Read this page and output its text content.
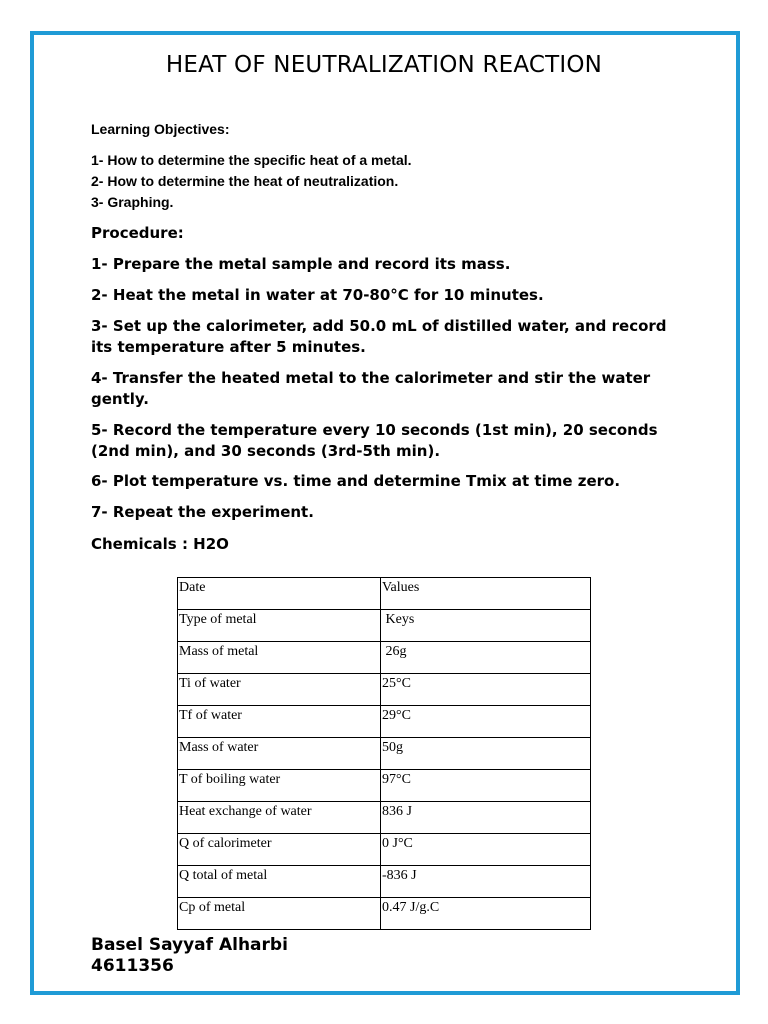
HEAT OF NEUTRALIZATION REACTION
Learning Objectives:
1- How to determine the specific heat of a metal.
2- How to determine the heat of neutralization.
3- Graphing.
Procedure:
1- Prepare the metal sample and record its mass.
2- Heat the metal in water at 70-80°C for 10 minutes.
3- Set up the calorimeter, add 50.0 mL of distilled water, and record its temperature after 5 minutes.
4- Transfer the heated metal to the calorimeter and stir the water gently.
5- Record the temperature every 10 seconds (1st min), 20 seconds (2nd min), and 30 seconds (3rd-5th min).
6- Plot temperature vs. time and determine Tmix at time zero.
7- Repeat the experiment.
Chemicals : H2O
Date	Values
Type of metal	Keys
Mass of metal	26g
Ti of water	25°C
Tf of water	29°C
Mass of water	50g
T of boiling water	97°C
Heat exchange of water	836 J
Q of calorimeter	0 J°C
Q total of metal	-836 J
Cp of metal	0.47 J/g.C
Basel Sayyaf Alharbi
4611356
